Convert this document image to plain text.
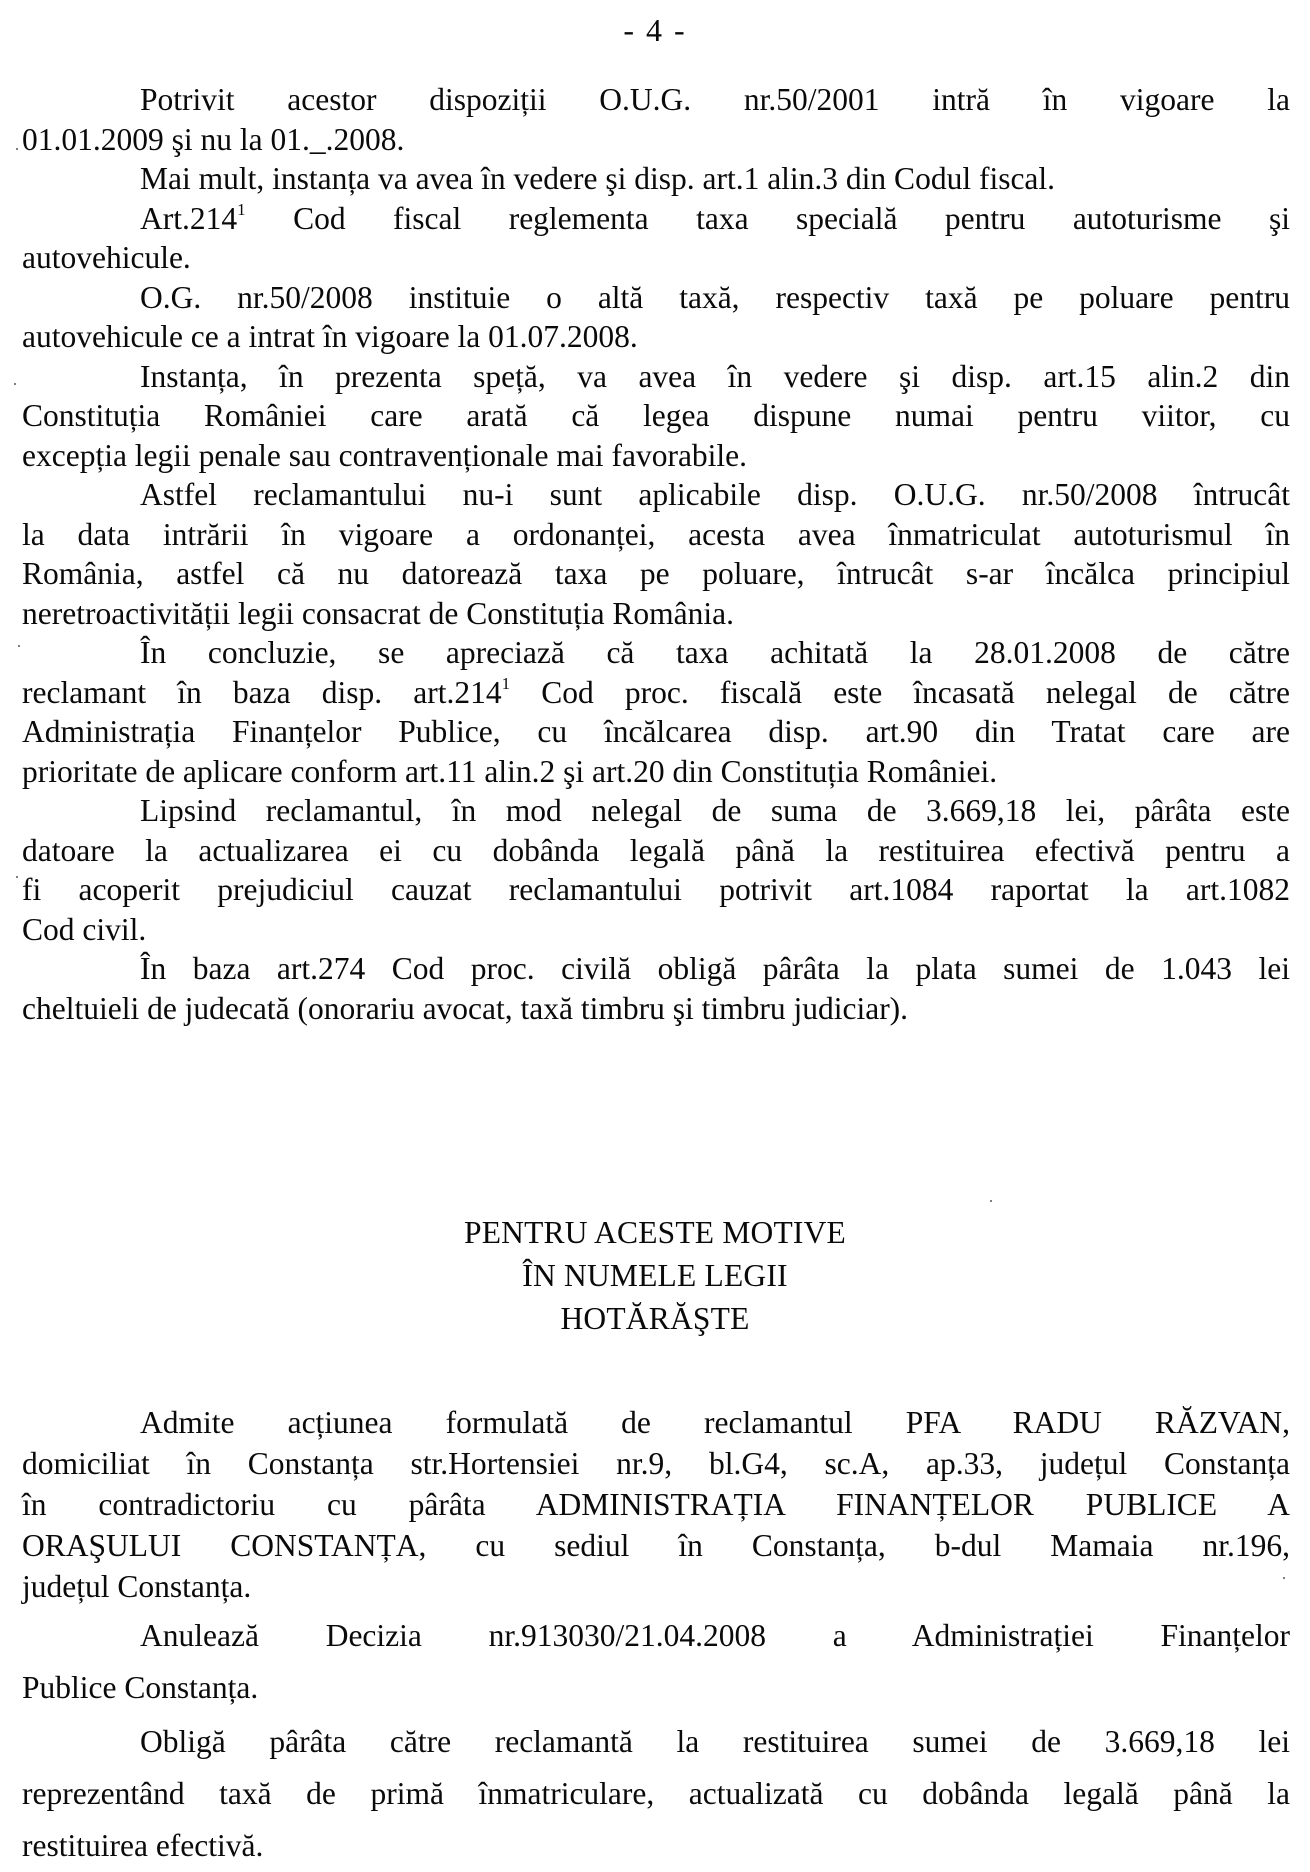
- 4 -
Potrivit acestor dispoziții O.U.G. nr.50/2001 intră în vigoare la
01.01.2009 şi nu la 01._.2008.
Mai mult, instanța va avea în vedere şi disp. art.1 alin.3 din Codul fiscal.
Art.214$^1$ Cod fiscal reglementa taxa specială pentru autoturisme şi
autovehicule.
O.G. nr.50/2008 instituie o altă taxă, respectiv taxă pe poluare pentru
autovehicule ce a intrat în vigoare la 01.07.2008.
Instanța, în prezenta speță, va avea în vedere şi disp. art.15 alin.2 din
Constituția României care arată că legea dispune numai pentru viitor, cu
excepția legii penale sau contravenționale mai favorabile.
Astfel reclamantului nu-i sunt aplicabile disp. O.U.G. nr.50/2008 întrucât
la data intrării în vigoare a ordonanței, acesta avea înmatriculat autoturismul în
România, astfel că nu datorează taxa pe poluare, întrucât s-ar încălca principiul
neretroactivității legii consacrat de Constituția România.
În concluzie, se apreciază că taxa achitată la 28.01.2008 de către
reclamant în baza disp. art.214$^1$ Cod proc. fiscală este încasată nelegal de către
Administrația Finanțelor Publice, cu încălcarea disp. art.90 din Tratat care are
prioritate de aplicare conform art.11 alin.2 şi art.20 din Constituția României.
Lipsind reclamantul, în mod nelegal de suma de 3.669,18 lei, pârâta este
datoare la actualizarea ei cu dobânda legală până la restituirea efectivă pentru a
fi acoperit prejudiciul cauzat reclamantului potrivit art.1084 raportat la art.1082
Cod civil.
În baza art.274 Cod proc. civilă obligă pârâta la plata sumei de 1.043 lei
cheltuieli de judecată (onorariu avocat, taxă timbru şi timbru judiciar).
PENTRU ACESTE MOTIVE
ÎN NUMELE LEGII
HOTĂRĂŞTE
Admite acțiunea formulată de reclamantul PFA RADU RĂZVAN,
domiciliat în Constanța str.Hortensiei nr.9, bl.G4, sc.A, ap.33, județul Constanța
în contradictoriu cu pârâta ADMINISTRAȚIA FINANȚELOR PUBLICE A
ORAŞULUI CONSTANȚA, cu sediul în Constanța, b-dul Mamaia nr.196,
județul Constanța.
Anulează Decizia nr.913030/21.04.2008 a Administrației Finanțelor
Publice Constanța.
Obligă pârâta către reclamantă la restituirea sumei de 3.669,18 lei
reprezentând taxă de primă înmatriculare, actualizată cu dobânda legală până la
restituirea efectivă.
